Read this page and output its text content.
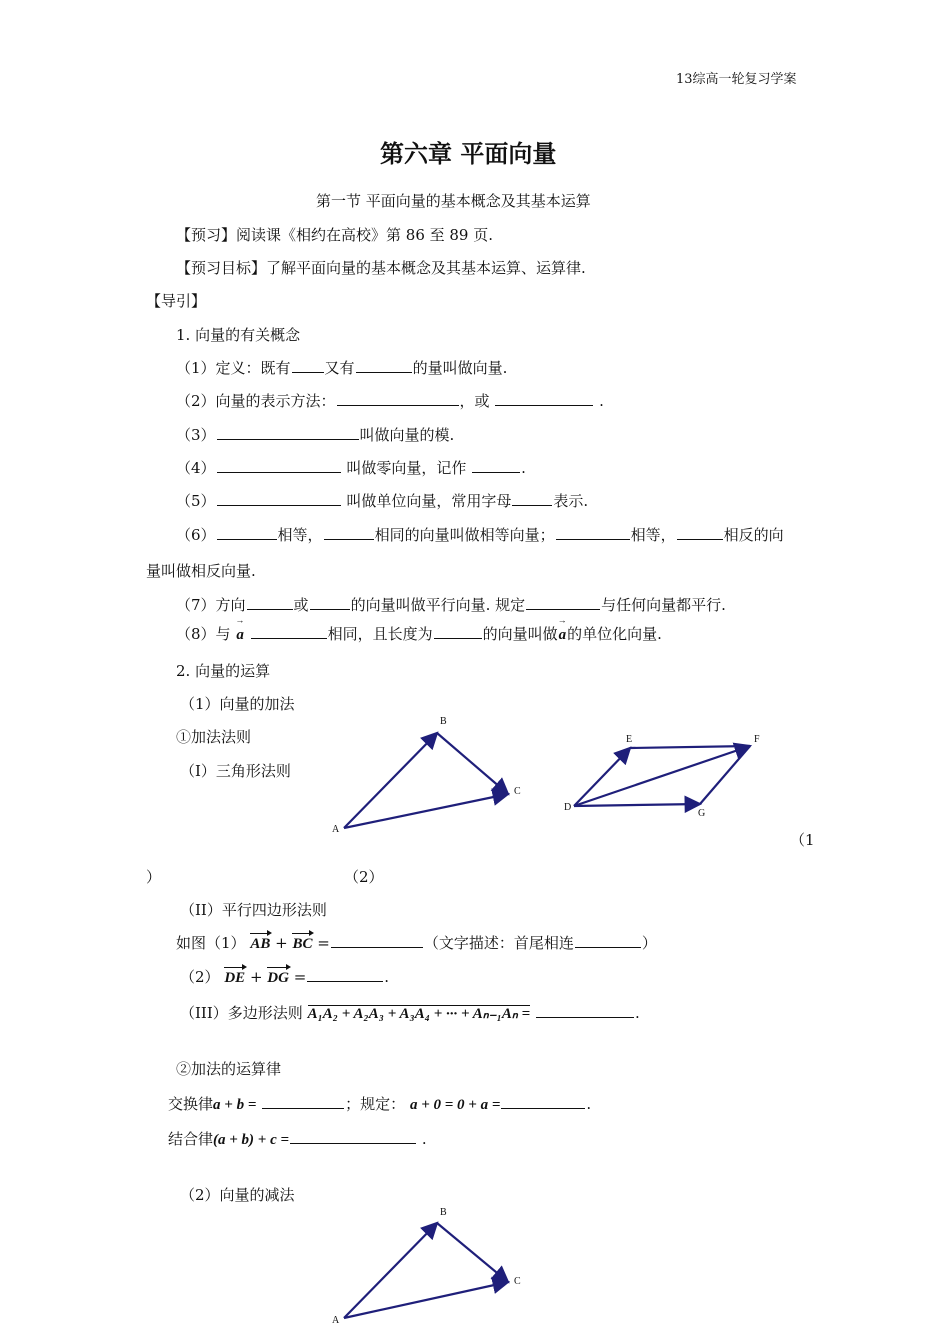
13综高一轮复习学案
第六章 平面向量
第一节 平面向量的基本概念及其基本运算
【预习】阅读课《相约在高校》第 86 至 89 页.
【预习目标】了解平面向量的基本概念及其基本运算、运算律.
【导引】
1. 向量的有关概念
（1）定义：既有 又有	的量叫做向量.
（2）向量的表示方法：	，或	.
（3）	叫做向量的模.
（4）	叫做零向量，记作	.
（5）	叫做单位向量，常用字母	表示.
（6）	相等，	相同的向量叫做相等向量；	相等，	相反的向
量叫做相反向量.
（7）方向	或	的向量叫做平行向量. 规定	与任何向量都平行.
（8）与 → a	相同，且长度为	的向量叫做→ a的单位化向量.
2. 向量的运算
（1）向量的加法
①加法法则
（I）三角形法则
A
B
C
D
E	F
G
（1
）	（2）
（II）平行四边形法则
如图（1） AB + BC =	（文字描述：首尾相连	）
（2） DE + DG =	.
（III）多边形法则 A₁A₂ + A₂A₃ + A₃A₄ + ··· + Aₙ₋₁Aₙ =	.
②加法的运算律
交换律a + b =	；规定： a + 0 = 0 + a =	.
结合律(a + b) + c =	.
（2）向量的减法
A
B
C
